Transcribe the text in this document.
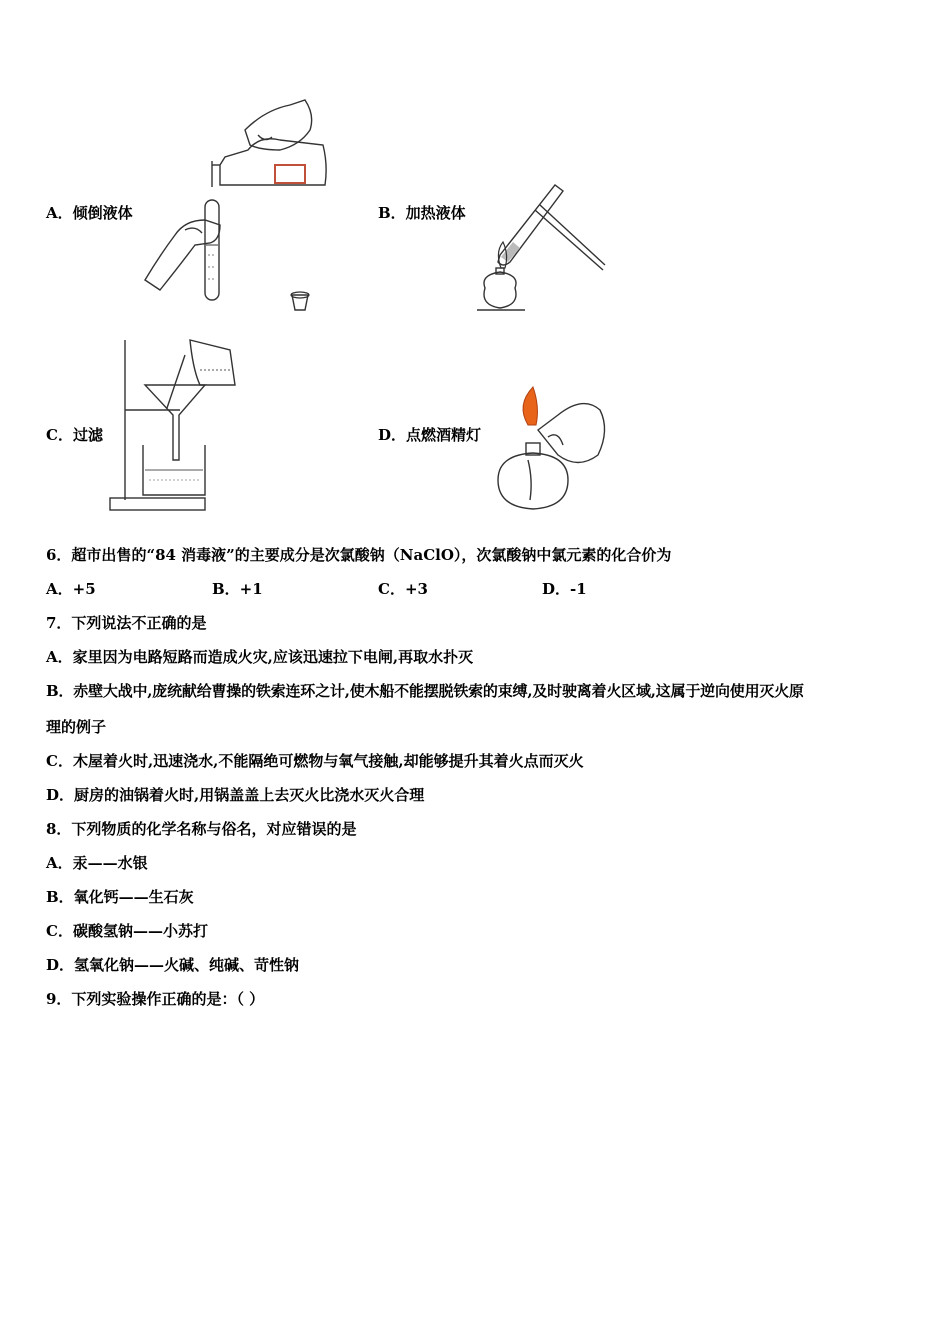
A．倾倒液体	B．加热液体
C．过滤	D．点燃酒精灯
6．超市出售的“84 消毒液”的主要成分是次氯酸钠（NaClO），次氯酸钠中氯元素的化合价为
A．+5	B．+1	C．+3	D．-1
7．下列说法不正确的是
A．家里因为电路短路而造成火灾,应该迅速拉下电闸,再取水扑灭
B．赤壁大战中,庞统献给曹操的铁索连环之计,使木船不能摆脱铁索的束缚,及时驶离着火区域,这属于逆向使用灭火原
理的例子
C．木屋着火时,迅速浇水,不能隔绝可燃物与氧气接触,却能够提升其着火点而灭火
D．厨房的油锅着火时,用锅盖盖上去灭火比浇水灭火合理
8．下列物质的化学名称与俗名，对应错误的是
A．汞——水银
B．氧化钙——生石灰
C．碳酸氢钠——小苏打
D．氢氧化钠——火碱、纯碱、苛性钠
9．下列实验操作正确的是：（ ）
